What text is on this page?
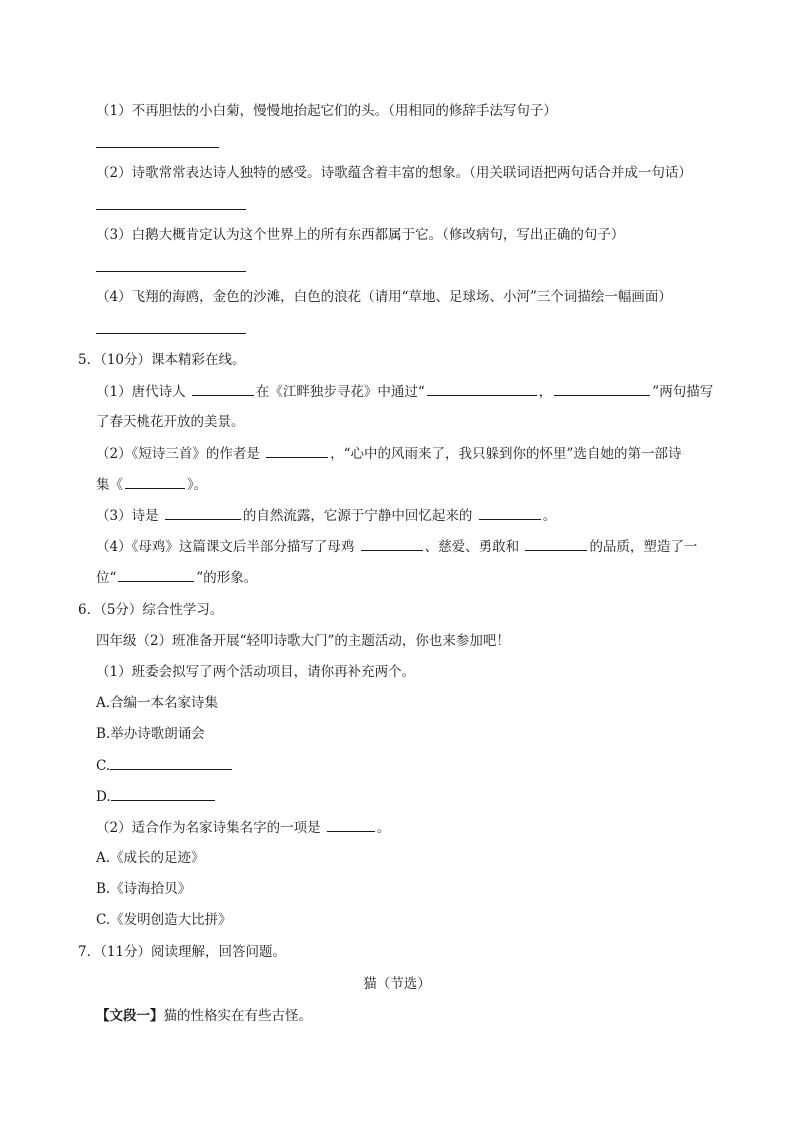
（1）不再胆怯的小白菊，慢慢地抬起它们的头。（用相同的修辞手法写句子）
（2）诗歌常常表达诗人独特的感受。诗歌蕴含着丰富的想象。（用关联词语把两句话合并成一句话）
（3）白鹅大概肯定认为这个世界上的所有东西都属于它。（修改病句，写出正确的句子）
（4）飞翔的海鸥，金色的沙滩，白色的浪花（请用“草地、足球场、小河”三个词描绘一幅画面）
5．（10分）课本精彩在线。
（1）唐代诗人	在《江畔独步寻花》中通过“	，	”两句描写
了春天桃花开放的美景。
（2）《短诗三首》的作者是	，“心中的风雨来了，我只躲到你的怀里”选自她的第一部诗
集《	》。
（3）诗是	的自然流露，它源于宁静中回忆起来的	。
（4）《母鸡》这篇课文后半部分描写了母鸡	、慈爱、勇敢和	的品质，塑造了一
位“	”的形象。
6．（5分）综合性学习。
四年级（2）班准备开展“轻叩诗歌大门”的主题活动，你也来参加吧！
（1）班委会拟写了两个活动项目，请你再补充两个。
A.合编一本名家诗集
B.举办诗歌朗诵会
C.
D.
（2）适合作为名家诗集名字的一项是	。
A.《成长的足迹》
B.《诗海拾贝》
C.《发明创造大比拼》
7．（11分）阅读理解，回答问题。
猫（节选）
【文段一】猫的性格实在有些古怪。
